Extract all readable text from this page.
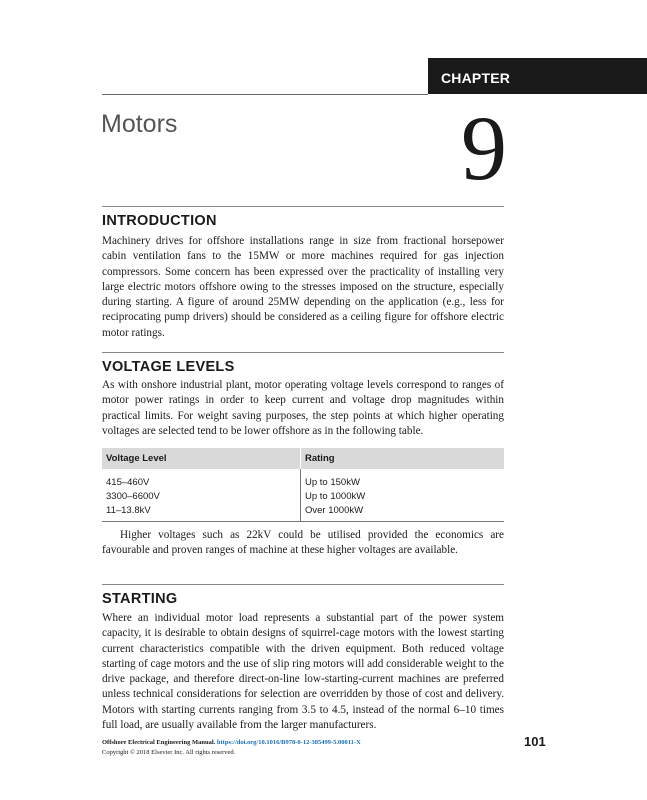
CHAPTER
Motors	9
INTRODUCTION

Machinery drives for offshore installations range in size from fractional horsepower cabin ventilation fans to the 15MW or more machines required for gas injection compressors. Some concern has been expressed over the practicality of installing very large electric motors offshore owing to the stresses imposed on the structure, especially during starting. A figure of around 25MW depending on the application (e.g., less for reciprocating pump drivers) should be considered as a ceiling figure for offshore electric motor ratings.

VOLTAGE LEVELS

As with onshore industrial plant, motor operating voltage levels correspond to ranges of motor power ratings in order to keep current and voltage drop magnitudes within practical limits. For weight saving purposes, the step points at which higher operating voltages are selected tend to be lower offshore as in the following table.

Voltage Level	Rating
415–460V	Up to 150kW
3300–6600V	Up to 1000kW
11–13.8kV	Over 1000kW

Higher voltages such as 22kV could be utilised provided the economics are favourable and proven ranges of machine at these higher voltages are available.

STARTING

Where an individual motor load represents a substantial part of the power system capacity, it is desirable to obtain designs of squirrel-cage motors with the lowest starting current characteristics compatible with the driven equipment. Both reduced voltage starting of cage motors and the use of slip ring motors will add considerable weight to the drive package, and therefore direct-on-line low-starting-current machines are preferred unless technical considerations for selection are overridden by those of cost and delivery. Motors with starting currents ranging from 3.5 to 4.5, instead of the normal 6–10 times full load, are usually available from the larger manufacturers.

Offshore Electrical Engineering Manual. https://doi.org/10.1016/B978-0-12-385499-5.00011-X
Copyright © 2018 Elsevier Inc. All rights reserved.
101
